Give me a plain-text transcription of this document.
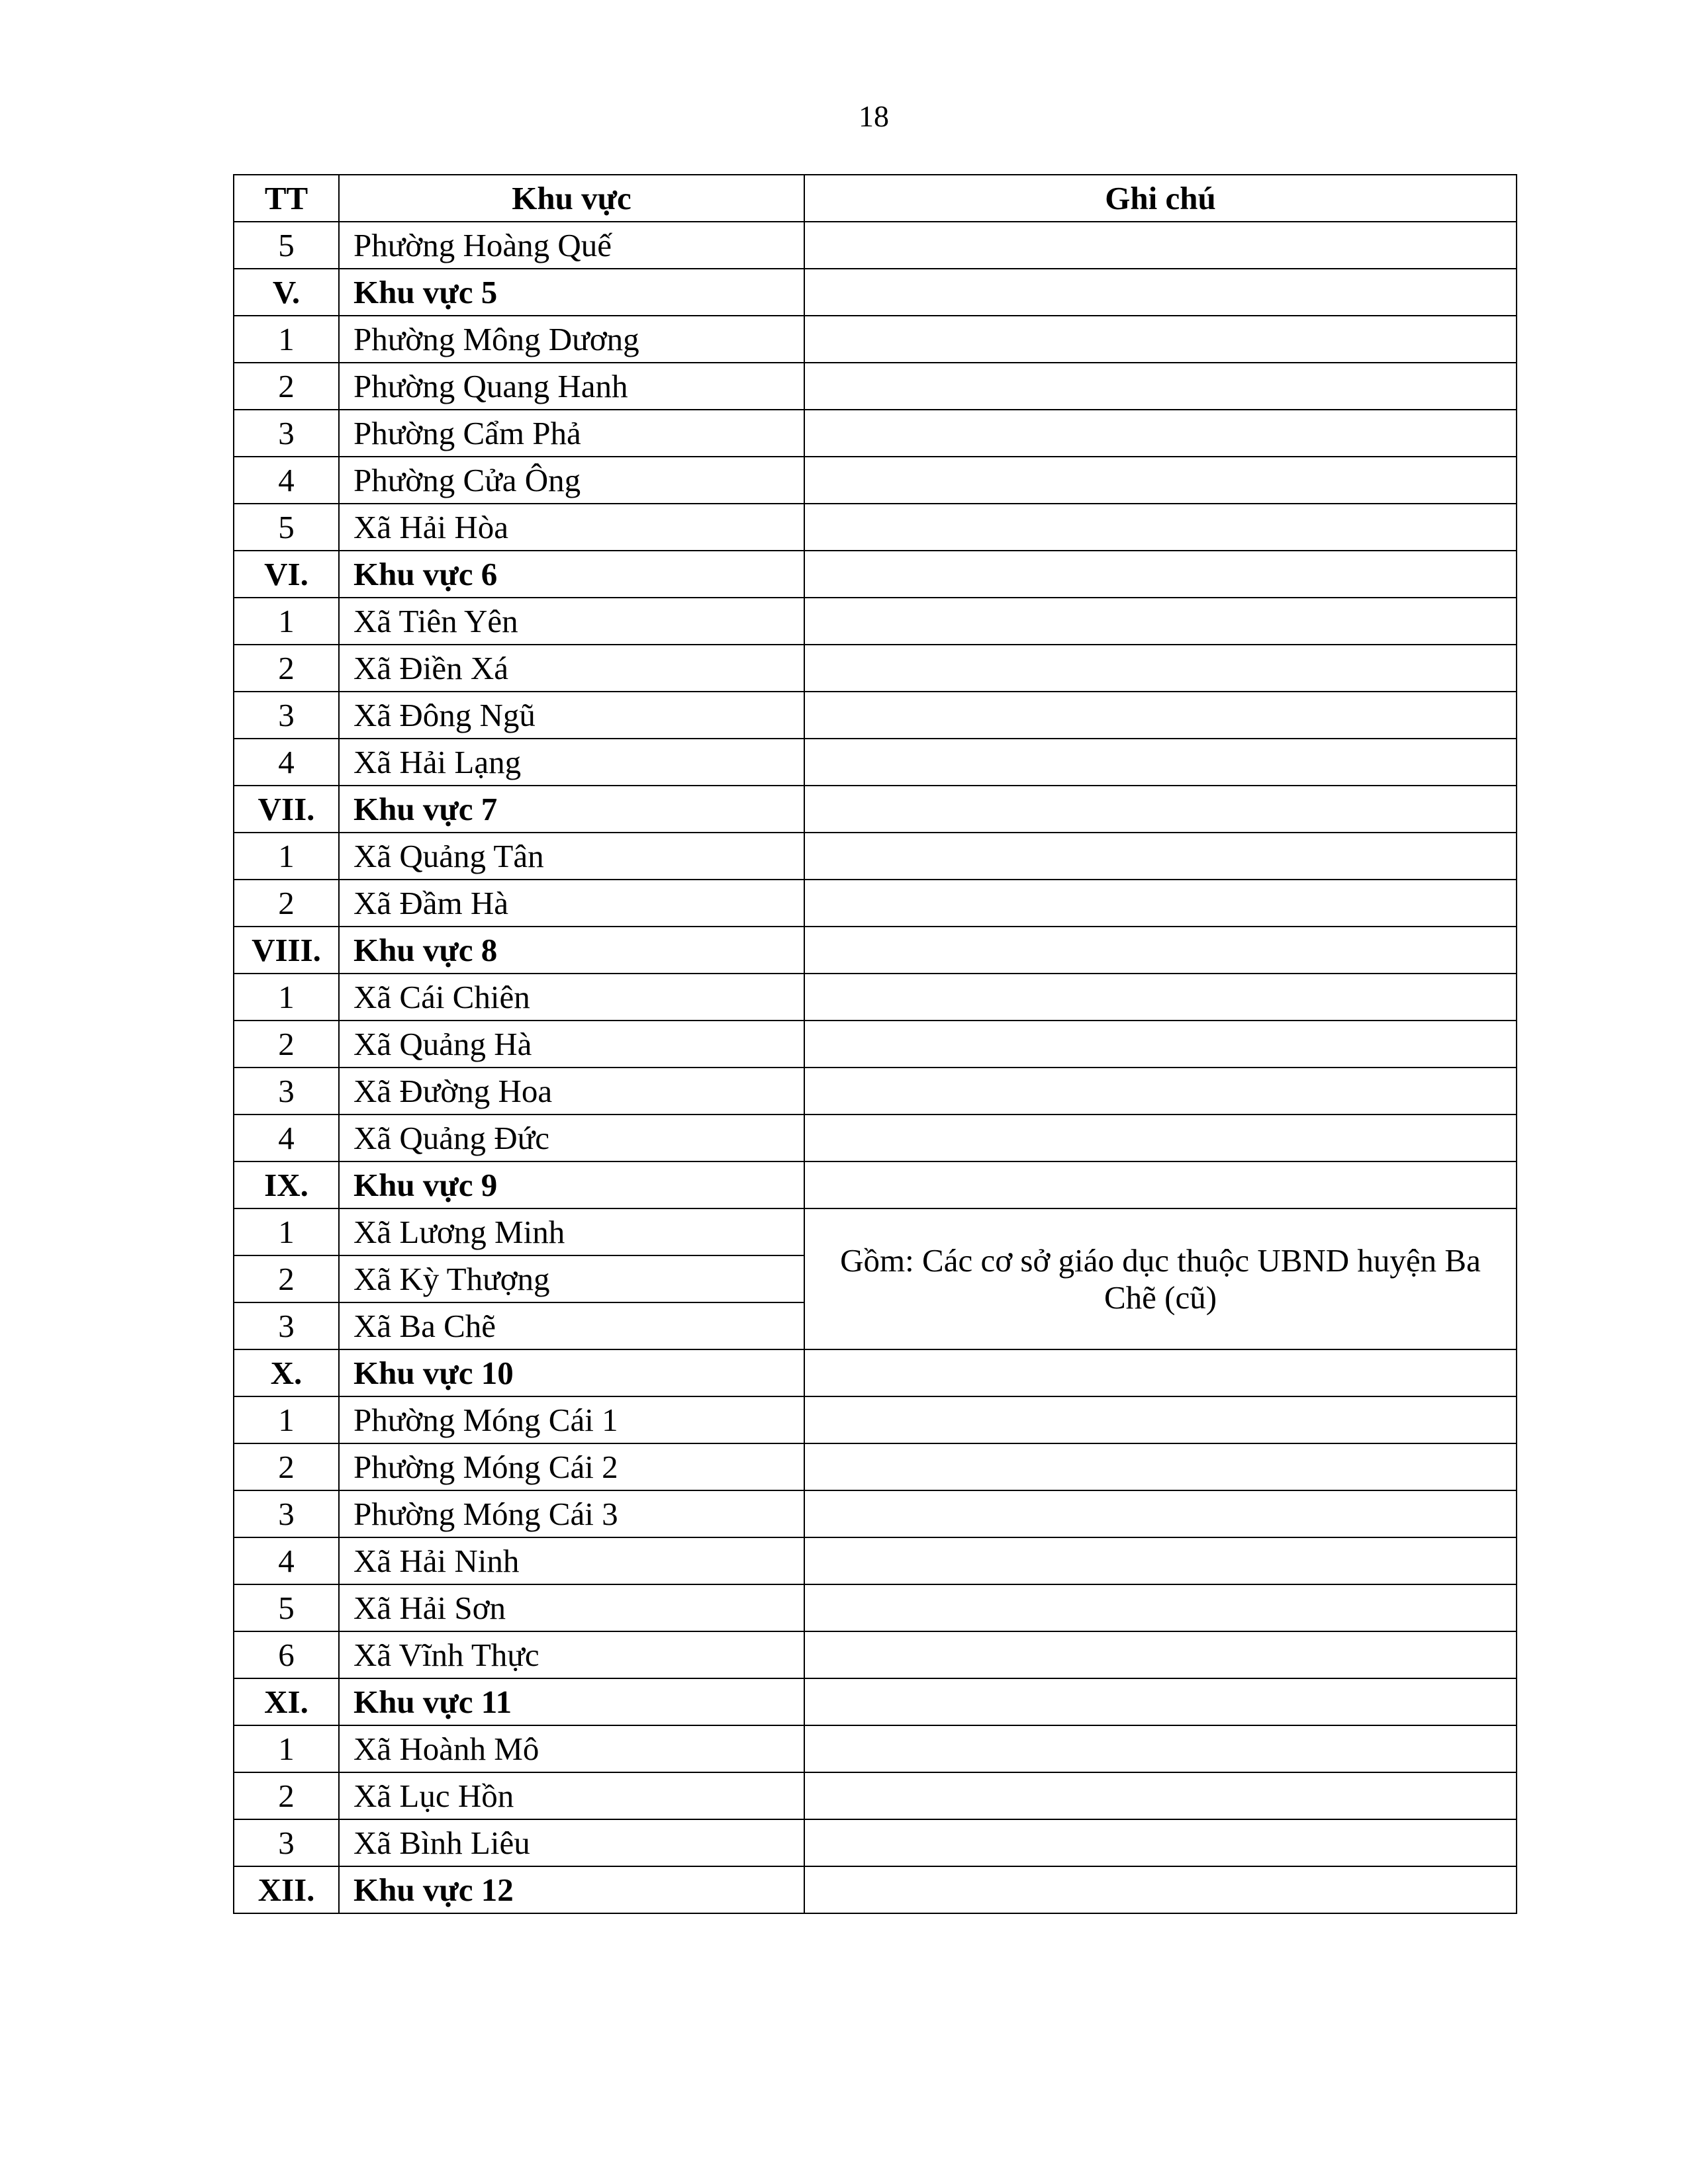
18
TT	Khu vực	Ghi chú
5	Phường Hoàng Quế	
V.	Khu vực 5	
1	Phường Mông Dương	
2	Phường Quang Hanh	
3	Phường Cẩm Phả	
4	Phường Cửa Ông	
5	Xã Hải Hòa	
VI.	Khu vực 6	
1	Xã Tiên Yên	
2	Xã Điền Xá	
3	Xã Đông Ngũ	
4	Xã Hải Lạng	
VII.	Khu vực 7	
1	Xã Quảng Tân	
2	Xã Đầm Hà	
VIII.	Khu vực 8	
1	Xã Cái Chiên	
2	Xã Quảng Hà	
3	Xã Đường Hoa	
4	Xã Quảng Đức	
IX.	Khu vực 9	
1	Xã Lương Minh	Gồm: Các cơ sở giáo dục thuộc UBND huyện Ba Chẽ (cũ)
2	Xã Kỳ Thượng	
3	Xã Ba Chẽ	
X.	Khu vực 10	
1	Phường Móng Cái 1	
2	Phường Móng Cái 2	
3	Phường Móng Cái 3	
4	Xã Hải Ninh	
5	Xã Hải Sơn	
6	Xã Vĩnh Thực	
XI.	Khu vực 11	
1	Xã Hoành Mô	
2	Xã Lục Hồn	
3	Xã Bình Liêu	
XII.	Khu vực 12	
